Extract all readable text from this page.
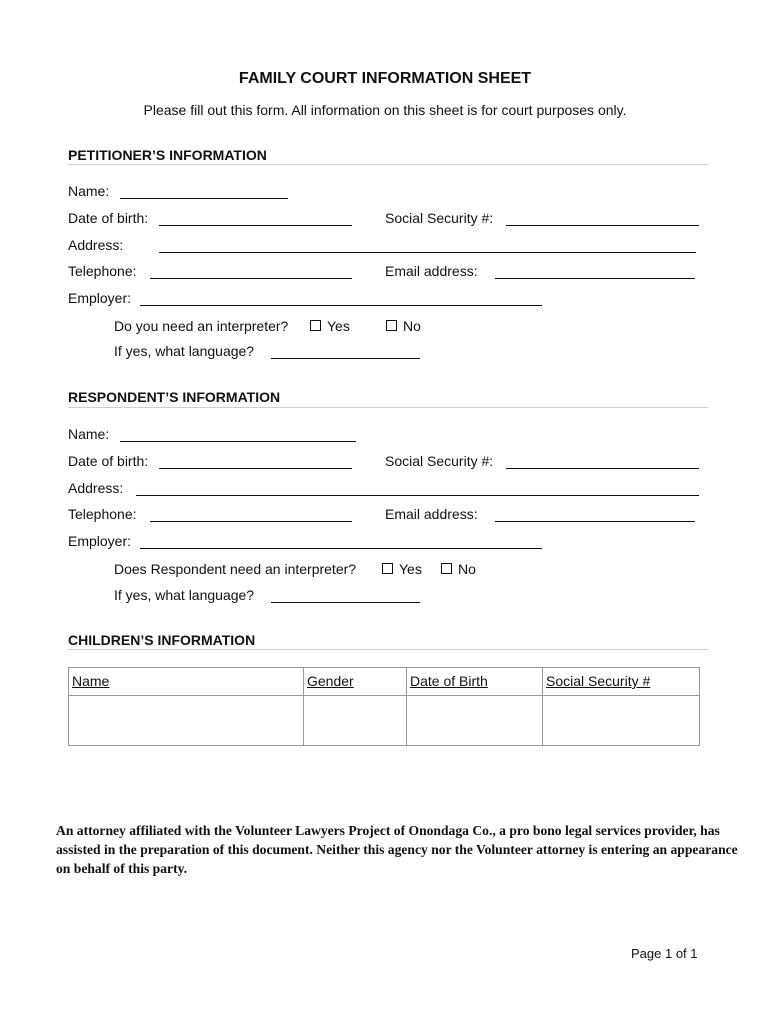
FAMILY COURT INFORMATION SHEET
Please fill out this form. All information on this sheet is for court purposes only.
PETITIONER’S INFORMATION
Name:
Date of birth:	Social Security #:
Address:
Telephone:	Email address:
Employer:
Do you need an interpreter?	Yes	No
If yes, what language?
RESPONDENT’S INFORMATION
Name:
Date of birth:	Social Security #:
Address:
Telephone:	Email address:
Employer:
Does Respondent need an interpreter?	Yes	No
If yes, what language?
CHILDREN’S INFORMATION
Name	Gender	Date of Birth	Social Security #

An attorney affiliated with the Volunteer Lawyers Project of Onondaga Co., a pro bono legal services provider, has assisted in the preparation of this document. Neither this agency nor the Volunteer attorney is entering an appearance on behalf of this party.
Page 1 of 1
